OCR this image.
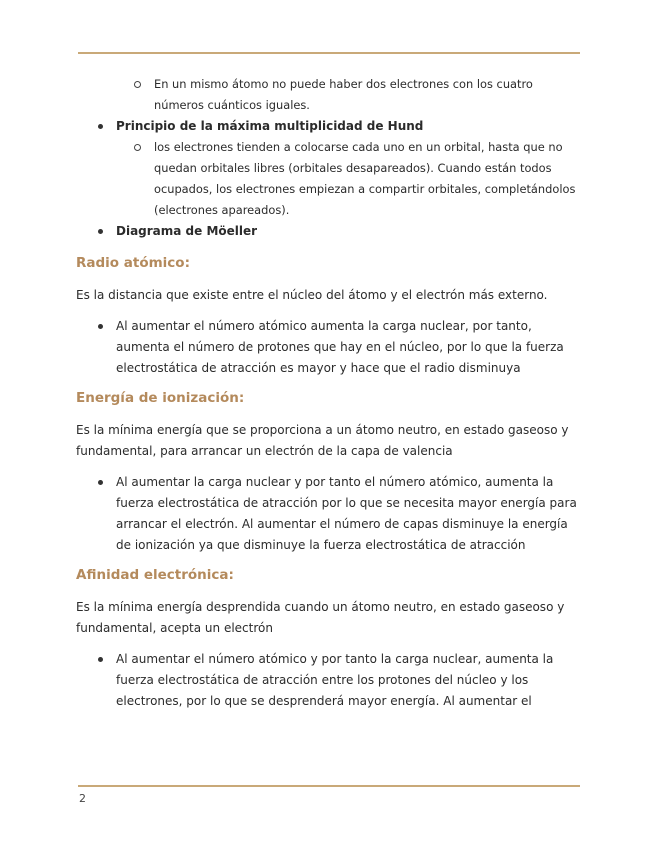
En un mismo átomo no puede haber dos electrones con los cuatro números cuánticos iguales.
Principio de la máxima multiplicidad de Hund
los electrones tienden a colocarse cada uno en un orbital, hasta que no quedan orbitales libres (orbitales desapareados). Cuando están todos ocupados, los electrones empiezan a compartir orbitales, completándolos (electrones apareados).
Diagrama de Möeller
Radio atómico:

Es la distancia que existe entre el núcleo del átomo y el electrón más externo.

Al aumentar el número atómico aumenta la carga nuclear, por tanto, aumenta el número de protones que hay en el núcleo, por lo que la fuerza electrostática de atracción es mayor y hace que el radio disminuya
Energía de ionización:

Es la mínima energía que se proporciona a un átomo neutro, en estado gaseoso y fundamental, para arrancar un electrón de la capa de valencia

Al aumentar la carga nuclear y por tanto el número atómico, aumenta la fuerza electrostática de atracción por lo que se necesita mayor energía para arrancar el electrón. Al aumentar el número de capas disminuye la energía de ionización ya que disminuye la fuerza electrostática de atracción
Afinidad electrónica:

Es la mínima energía desprendida cuando un átomo neutro, en estado gaseoso y fundamental, acepta un electrón

Al aumentar el número atómico y por tanto la carga nuclear, aumenta la fuerza electrostática de atracción entre los protones del núcleo y los electrones, por lo que se desprenderá mayor energía. Al aumentar el
2
